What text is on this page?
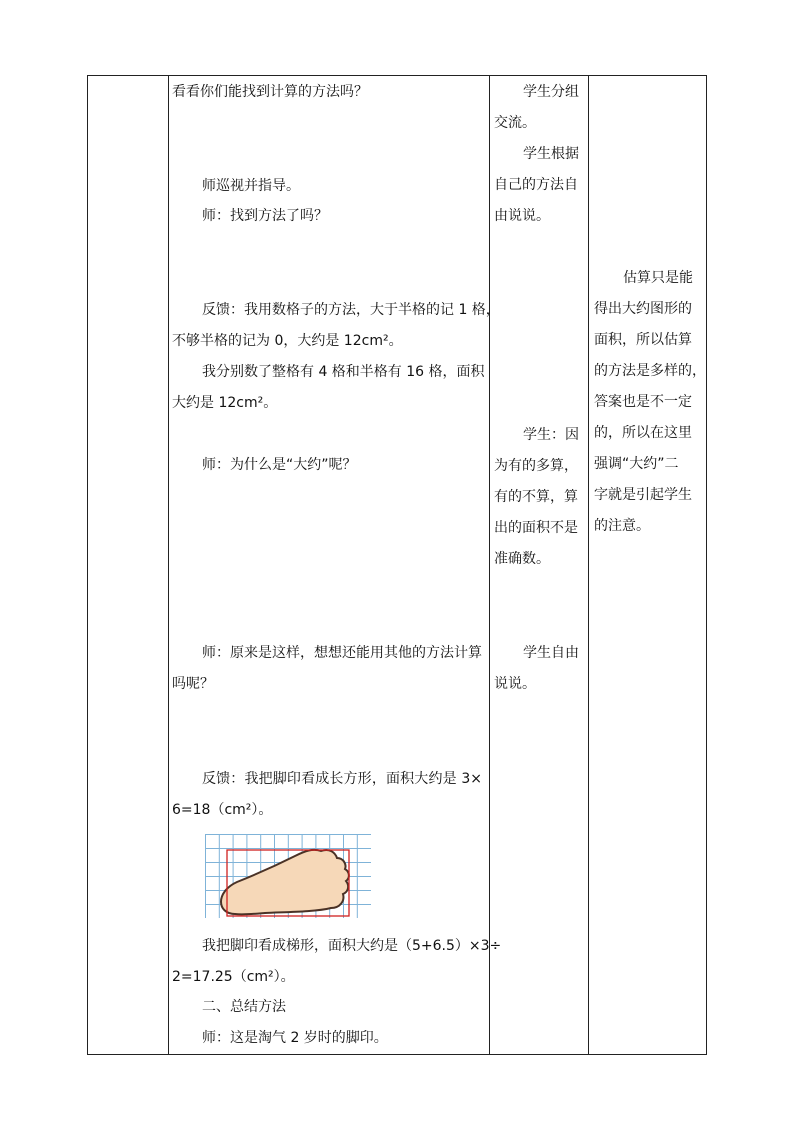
看看你们能找到计算的方法吗？

师巡视并指导。

师：找到方法了吗？

反馈：我用数格子的方法，大于半格的记 1 格，

不够半格的记为 0，大约是 12cm²。

我分别数了整格有 4 格和半格有 16 格，面积

大约是 12cm²。

师：为什么是“大约”呢？

师：原来是这样，想想还能用其他的方法计算

吗呢？

反馈：我把脚印看成长方形，面积大约是 3×

6=18（cm²）。

我把脚印看成梯形，面积大约是（5+6.5）×3÷

2=17.25（cm²）。

二、总结方法

师：这是淘气 2 岁时的脚印。

学生分组

交流。

学生根据

自己的方法自

由说说。

学生：因

为有的多算，

有的不算，算

出的面积不是

准确数。

学生自由

说说。

估算只是能

得出大约图形的

面积，所以估算

的方法是多样的，

答案也是不一定

的，所以在这里

强调“大约”二

字就是引起学生

的注意。
